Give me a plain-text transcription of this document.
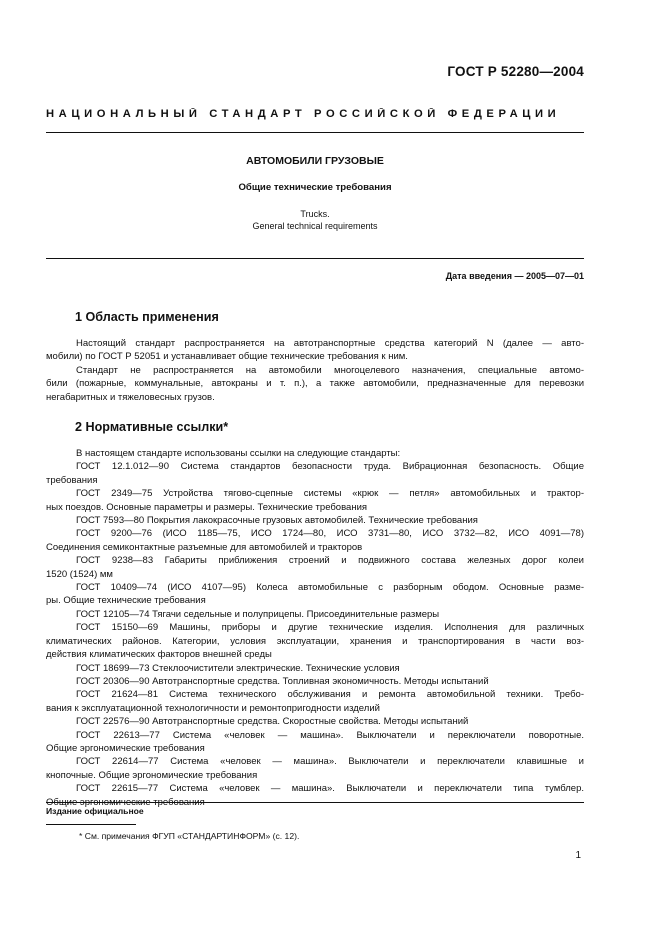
ГОСТ Р 52280—2004
НАЦИОНАЛЬНЫЙ СТАНДАРТ РОССИЙСКОЙ ФЕДЕРАЦИИ
АВТОМОБИЛИ ГРУЗОВЫЕ
Общие технические требования
Trucks.
General technical requirements
Дата введения — 2005—07—01
1 Область применения
Настоящий стандарт распространяется на автотранспортные средства категорий N (далее — авто-
мобили) по ГОСТ Р 52051 и устанавливает общие технические требования к ним.
Стандарт не распространяется на автомобили многоцелевого назначения, специальные автомо-
били (пожарные, коммунальные, автокраны и т. п.), а также автомобили, предназначенные для перевозки
негабаритных и тяжеловесных грузов.
2 Нормативные ссылки*
В настоящем стандарте использованы ссылки на следующие стандарты:
ГОСТ 12.1.012—90 Система стандартов безопасности труда. Вибрационная безопасность. Общие
требования
ГОСТ 2349—75 Устройства тягово-сцепные системы «крюк — петля» автомобильных и трактор-
ных поездов. Основные параметры и размеры. Технические требования
ГОСТ 7593—80 Покрытия лакокрасочные грузовых автомобилей. Технические требования
ГОСТ 9200—76 (ИСО 1185—75, ИСО 1724—80, ИСО 3731—80, ИСО 3732—82, ИСО 4091—78)
Соединения семиконтактные разъемные для автомобилей и тракторов
ГОСТ 9238—83 Габариты приближения строений и подвижного состава железных дорог колеи
1520 (1524) мм
ГОСТ 10409—74 (ИСО 4107—95) Колеса автомобильные с разборным ободом. Основные разме-
ры. Общие технические требования
ГОСТ 12105—74 Тягачи седельные и полуприцепы. Присоединительные размеры
ГОСТ 15150—69 Машины, приборы и другие технические изделия. Исполнения для различных
климатических районов. Категории, условия эксплуатации, хранения и транспортирования в части воз-
действия климатических факторов внешней среды
ГОСТ 18699—73 Стеклоочистители электрические. Технические условия
ГОСТ 20306—90 Автотранспортные средства. Топливная экономичность. Методы испытаний
ГОСТ 21624—81 Система технического обслуживания и ремонта автомобильной техники. Требо-
вания к эксплуатационной технологичности и ремонтопригодности изделий
ГОСТ 22576—90 Автотранспортные средства. Скоростные свойства. Методы испытаний
ГОСТ 22613—77 Система «человек — машина». Выключатели и переключатели поворотные.
Общие эргономические требования
ГОСТ 22614—77 Система «человек — машина». Выключатели и переключатели клавишные и
кнопочные. Общие эргономические требования
ГОСТ 22615—77 Система «человек — машина». Выключатели и переключатели типа тумблер.
Общие эргономические требования
Издание официальное
* См. примечания ФГУП «СТАНДАРТИНФОРМ» (с. 12).
1
